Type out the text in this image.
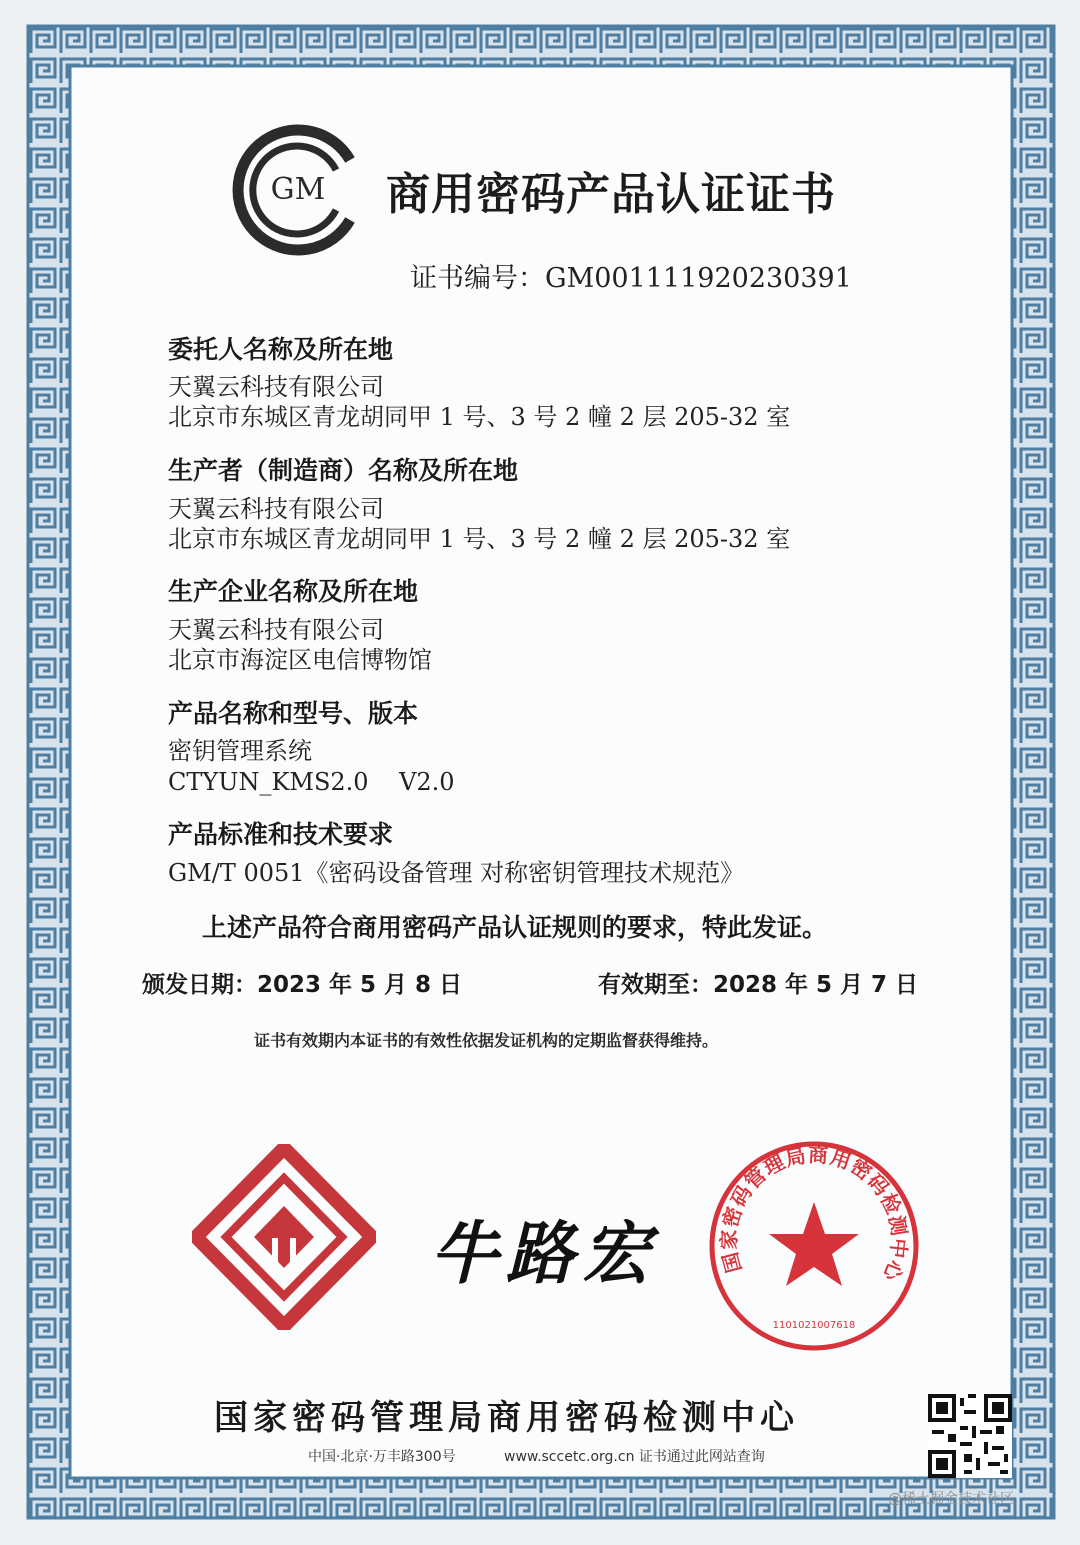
GM 商用密码产品认证证书
证书编号：GM001111920230391
委托人名称及所在地
天翼云科技有限公司
北京市东城区青龙胡同甲 1 号、3 号 2 幢 2 层 205-32 室
生产者（制造商）名称及所在地
天翼云科技有限公司
北京市东城区青龙胡同甲 1 号、3 号 2 幢 2 层 205-32 室
生产企业名称及所在地
天翼云科技有限公司
北京市海淀区电信博物馆
产品名称和型号、版本
密钥管理系统
CTYUN_KMS2.0    V2.0
产品标准和技术要求
GM/T 0051《密码设备管理 对称密钥管理技术规范》
上述产品符合商用密码产品认证规则的要求，特此发证。
颁发日期：2023 年 5 月 8 日	有效期至：2028 年 5 月 7 日
证书有效期内本证书的有效性依据发证机构的定期监督获得维持。
牛路宏	国家密码管理局商用密码检测中心
1101021007618
国家密码管理局商用密码检测中心
中国·北京·万丰路300号	www.sccetc.org.cn 证书通过此网站查询
@稀土掘金技术社区
